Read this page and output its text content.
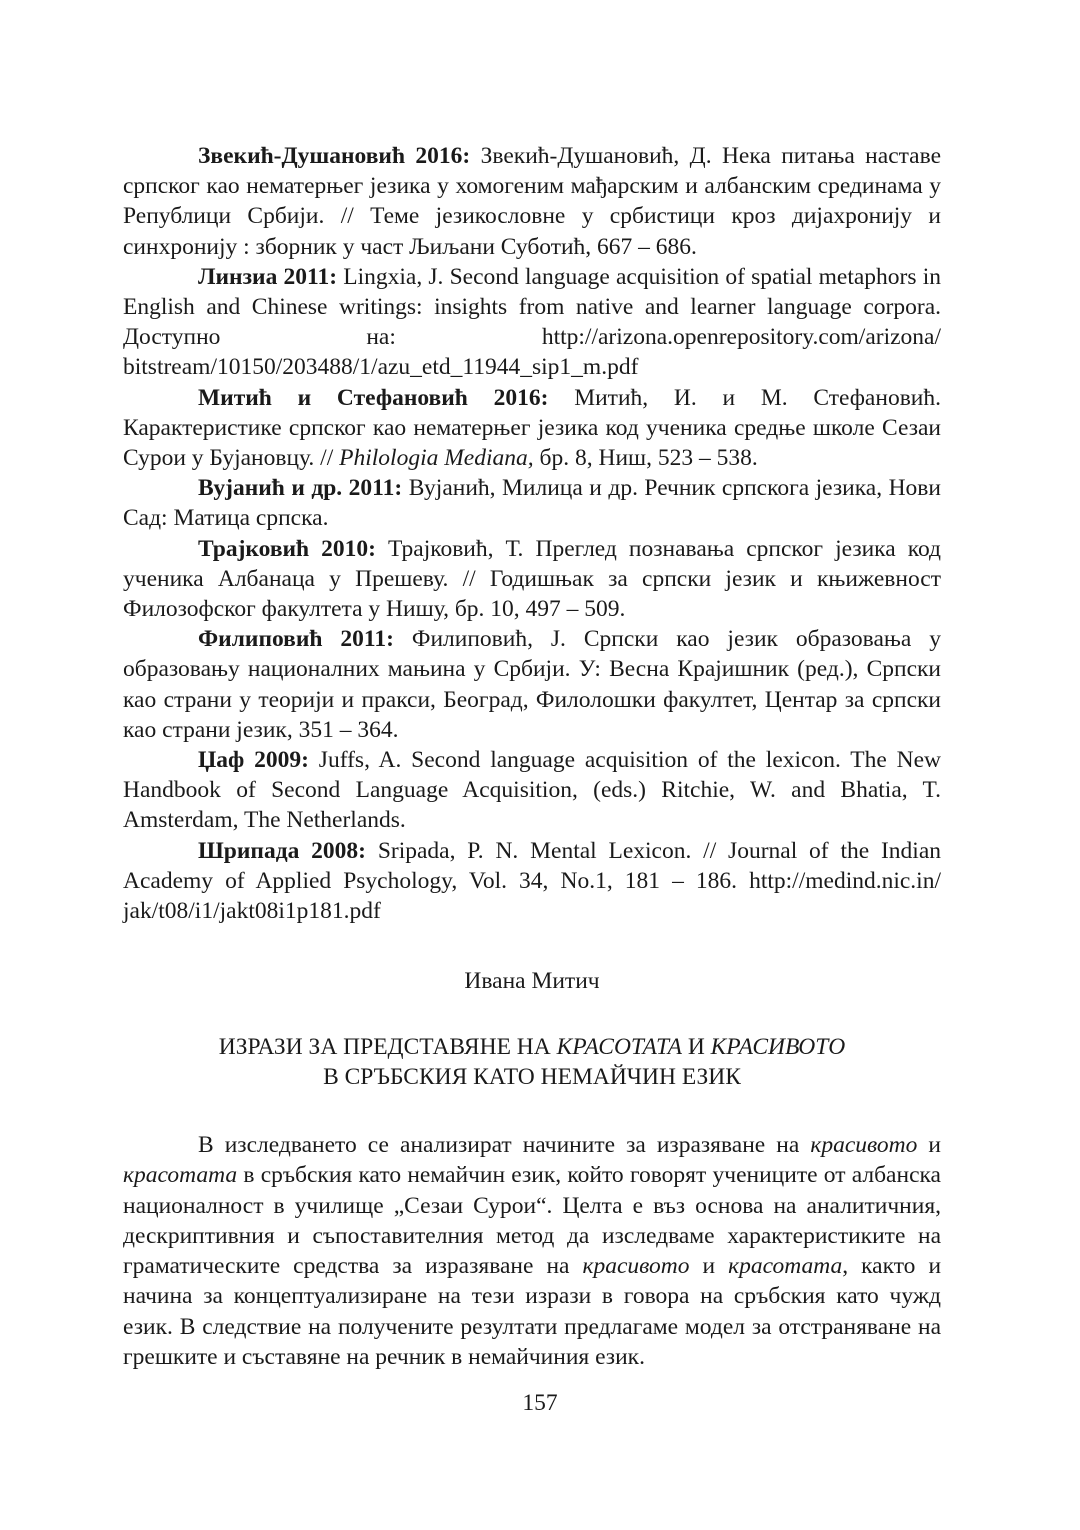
Звекић-Душановић 2016: Звекић-Душановић, Д. Нека питања наставе српског као нематерњег језика у хомогеним мађарским и албанским срединама у Републици Србији. // Теме језикословне у србистици кроз дијахронију и синхронију : зборник у част Љиљани Суботић, 667 – 686.

Линзиа 2011: Lingxia, J. Second language acquisition of spatial metaphors in English and Chinese writings: insights from native and learner language corpora. Доступно на: http://arizona.openrepository.com/arizona/ bitstream/10150/203488/1/azu_etd_11944_sip1_m.pdf

Митић и Стефановић 2016: Митић, И. и М. Стефановић. Карактеристике српског као нематерњег језика код ученика средње школе Сезаи Сурои у Бујановцу. // Philologia Mediana, бр. 8, Ниш, 523 – 538.

Вујанић и др. 2011: Вујанић, Милица и др. Речник српскога језика, Нови Сад: Матица српска.

Трајковић 2010: Трајковић, Т. Преглед познавања српског језика код ученика Албанаца у Прешеву. // Годишњак за српски језик и књижевност Филозофског факултета у Нишу, бр. 10, 497 – 509.

Филиповић 2011: Филиповић, Ј. Српски као језик образовања у образовању националних мањина у Србији. У: Весна Крајишник (ред.), Српски као страни у теорији и пракси, Београд, Филолошки факултет, Центар за српски као страни језик, 351 – 364.

Џаф 2009: Juffs, A. Second language acquisition of the lexicon. The New Handbook of Second Language Acquisition, (eds.) Ritchie, W. and Bhatia, T. Amsterdam, The Netherlands.

Шрипада 2008: Sripada, P. N. Mental Lexicon. // Journal of the Indian Academy of Applied Psychology, Vol. 34, No.1, 181 – 186. http://medind.nic.in/ jak/t08/i1/jakt08i1p181.pdf

Ивана Митич
ИЗРАЗИ ЗА ПРЕДСТАВЯНЕ НА КРАСОТАТА И КРАСИВОТО
В СРЪБСКИЯ КАТО НЕМАЙЧИН ЕЗИК

В изследването се анализират начините за изразяване на красивото и красотата в сръбския като немайчин език, който говорят учениците от албанска националност в училище „Сезаи Сурои“. Целта е въз основа на аналитичния, дескриптивния и съпоставителния метод да изследваме характеристиките на граматическите средства за изразяване на красивото и красотата, както и начина за концептуализиране на тези изрази в говора на сръбския като чужд език. В следствие на получените резултати предлагаме модел за отстраняване на грешките и съставяне на речник в немайчиния език.

157
